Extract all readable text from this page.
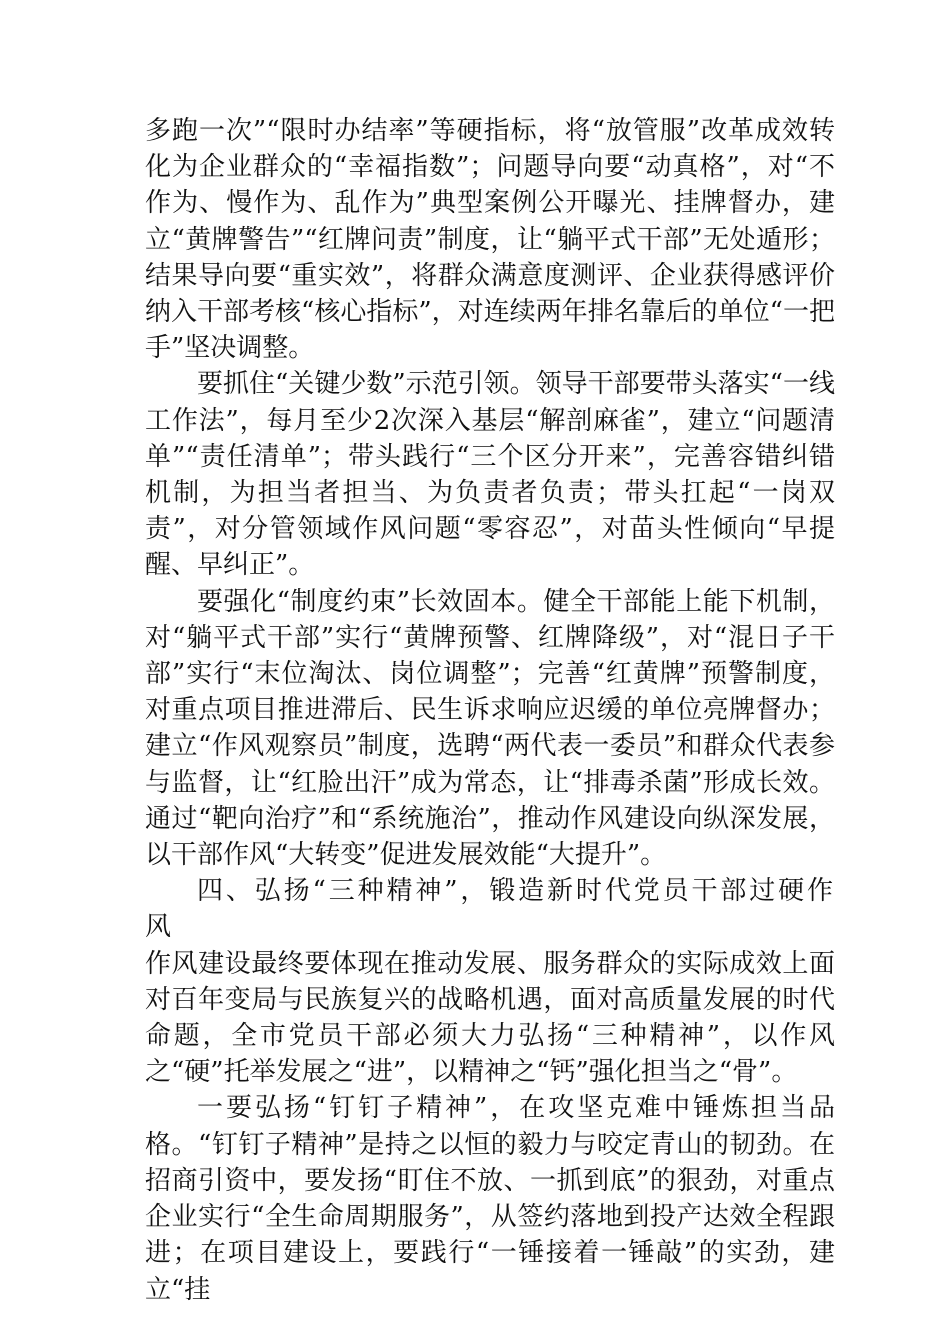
多跑一次”“限时办结率”等硬指标，将“放管服”改革成效转化为企业群众的“幸福指数”；问题导向要“动真格”，对“不作为、慢作为、乱作为”典型案例公开曝光、挂牌督办，建立“黄牌警告”“红牌问责”制度，让“躺平式干部”无处遁形；结果导向要“重实效”，将群众满意度测评、企业获得感评价纳入干部考核“核心指标”，对连续两年排名靠后的单位“一把手”坚决调整。

要抓住“关键少数”示范引领。领导干部要带头落实“一线工作法”，每月至少2次深入基层“解剖麻雀”，建立“问题清单”“责任清单”；带头践行“三个区分开来”，完善容错纠错机制，为担当者担当、为负责者负责；带头扛起“一岗双责”，对分管领域作风问题“零容忍”，对苗头性倾向“早提醒、早纠正”。

要强化“制度约束”长效固本。健全干部能上能下机制，对“躺平式干部”实行“黄牌预警、红牌降级”，对“混日子干部”实行“末位淘汰、岗位调整”；完善“红黄牌”预警制度，对重点项目推进滞后、民生诉求响应迟缓的单位亮牌督办；建立“作风观察员”制度，选聘“两代表一委员”和群众代表参与监督，让“红脸出汗”成为常态，让“排毒杀菌”形成长效。通过“靶向治疗”和“系统施治”，推动作风建设向纵深发展，以干部作风“大转变”促进发展效能“大提升”。

四、弘扬“三种精神”，锻造新时代党员干部过硬作风

作风建设最终要体现在推动发展、服务群众的实际成效上面对百年变局与民族复兴的战略机遇，面对高质量发展的时代命题，全市党员干部必须大力弘扬“三种精神”，以作风之“硬”托举发展之“进”，以精神之“钙”强化担当之“骨”。

一要弘扬“钉钉子精神”，在攻坚克难中锤炼担当品格。“钉钉子精神”是持之以恒的毅力与咬定青山的韧劲。在招商引资中，要发扬“盯住不放、一抓到底”的狠劲，对重点企业实行“全生命周期服务”，从签约落地到投产达效全程跟进；在项目建设上，要践行“一锤接着一锤敲”的实劲，建立“挂
